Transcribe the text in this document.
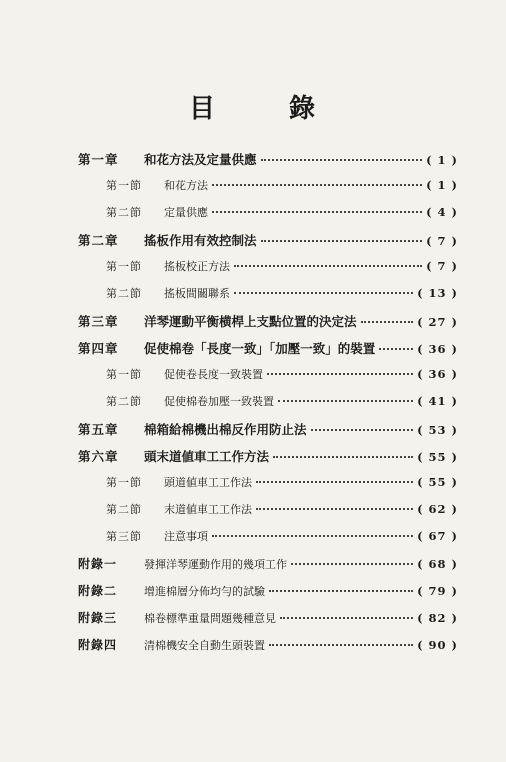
目	錄
第一章	和花方法及定量供應	( 1 )
第一節	和花方法	( 1 )
第二節	定量供應	( 4 )
第二章	搖板作用有效控制法	( 7 )
第一節	搖板校正方法	( 7 )
第二節	搖板間關聯系	( 13 )
第三章	洋琴運動平衡横桿上支點位置的決定法	( 27 )
第四章	促使棉卷「長度一致」「加壓一致」的裝置	( 36 )
第一節	促使卷長度一致裝置	( 36 )
第二節	促使棉卷加壓一致裝置	( 41 )
第五章	棉箱給棉機出棉反作用防止法	( 53 )
第六章	頭末道値車工工作方法	( 55 )
第一節	頭道値車工工作法	( 55 )
第二節	末道値車工工作法	( 62 )
第三節	注意事項	( 67 )
附錄一	發揮洋琴運動作用的幾項工作	( 68 )
附錄二	增進棉層分佈均勻的試驗	( 79 )
附錄三	棉卷標準重量問題幾種意見	( 82 )
附錄四	清棉機安全自動生頭裝置	( 90 )
